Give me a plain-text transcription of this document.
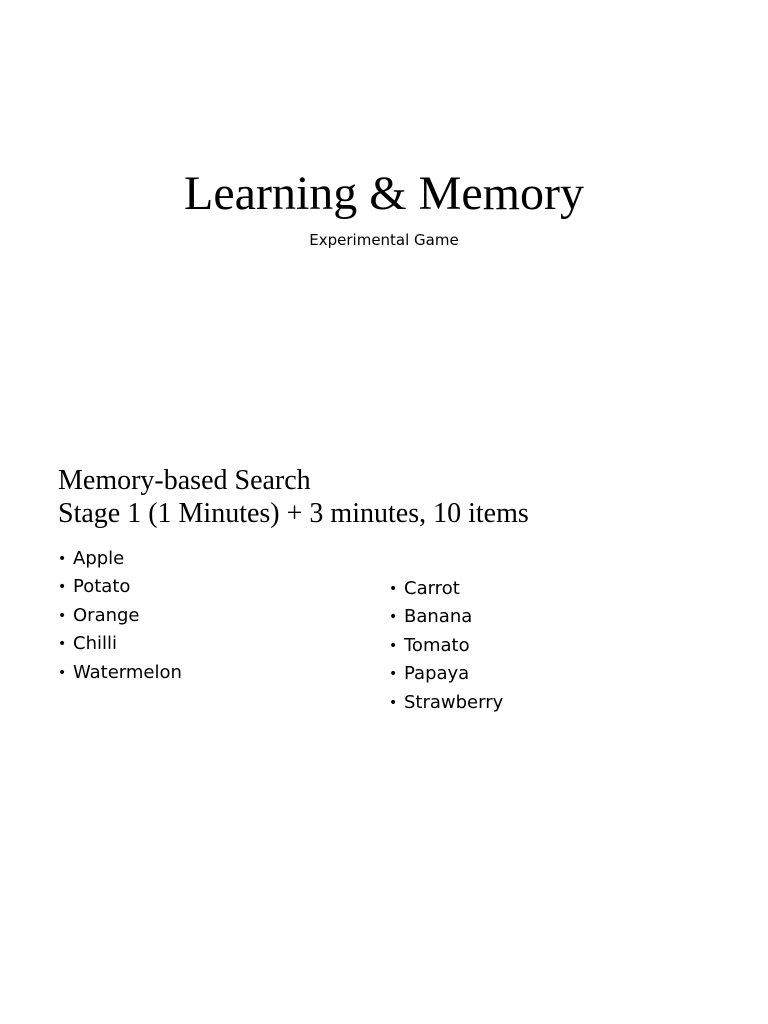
Learning & Memory

Experimental Game

Memory-based Search
Stage 1 (1 Minutes) + 3 minutes, 10 items
• Apple
• Potato
• Orange
• Chilli
• Watermelon
• Carrot
• Banana
• Tomato
• Papaya
• Strawberry
